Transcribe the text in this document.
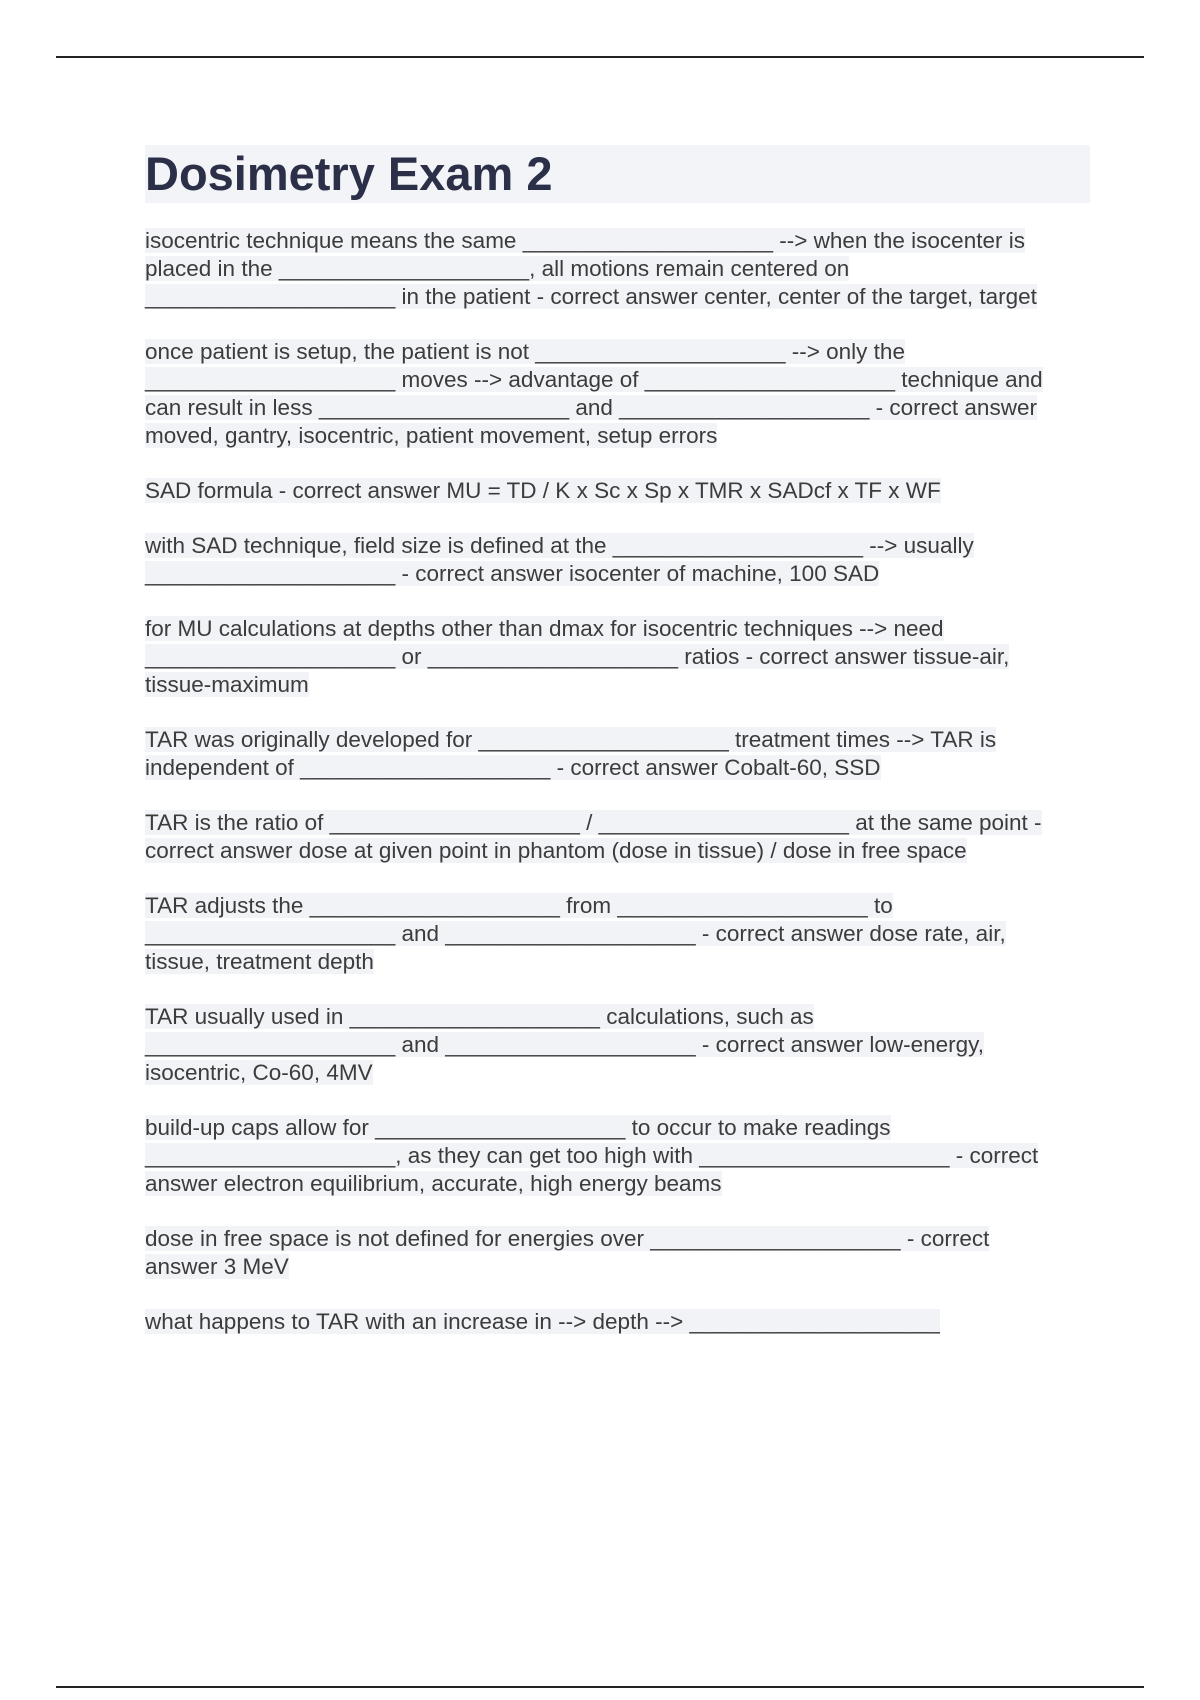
Dosimetry Exam 2

isocentric technique means the same ____________________ --> when the isocenter is placed in the ____________________, all motions remain centered on ____________________ in the patient - correct answer center, center of the target, target

once patient is setup, the patient is not ____________________ --> only the ____________________ moves --> advantage of ____________________ technique and can result in less ____________________ and ____________________ - correct answer moved, gantry, isocentric, patient movement, setup errors

SAD formula - correct answer MU = TD / K x Sc x Sp x TMR x SADcf x TF x WF

with SAD technique, field size is defined at the ____________________ --> usually ____________________ - correct answer isocenter of machine, 100 SAD

for MU calculations at depths other than dmax for isocentric techniques --> need ____________________ or ____________________ ratios - correct answer tissue-air, tissue-maximum

TAR was originally developed for ____________________ treatment times --> TAR is independent of ____________________ - correct answer Cobalt-60, SSD

TAR is the ratio of ____________________ / ____________________ at the same point - correct answer dose at given point in phantom (dose in tissue) / dose in free space

TAR adjusts the ____________________ from ____________________ to ____________________ and ____________________ - correct answer dose rate, air, tissue, treatment depth

TAR usually used in ____________________ calculations, such as ____________________ and ____________________ - correct answer low-energy, isocentric, Co-60, 4MV

build-up caps allow for ____________________ to occur to make readings ____________________, as they can get too high with ____________________ - correct answer electron equilibrium, accurate, high energy beams

dose in free space is not defined for energies over ____________________ - correct answer 3 MeV

what happens to TAR with an increase in --> depth --> ____________________
